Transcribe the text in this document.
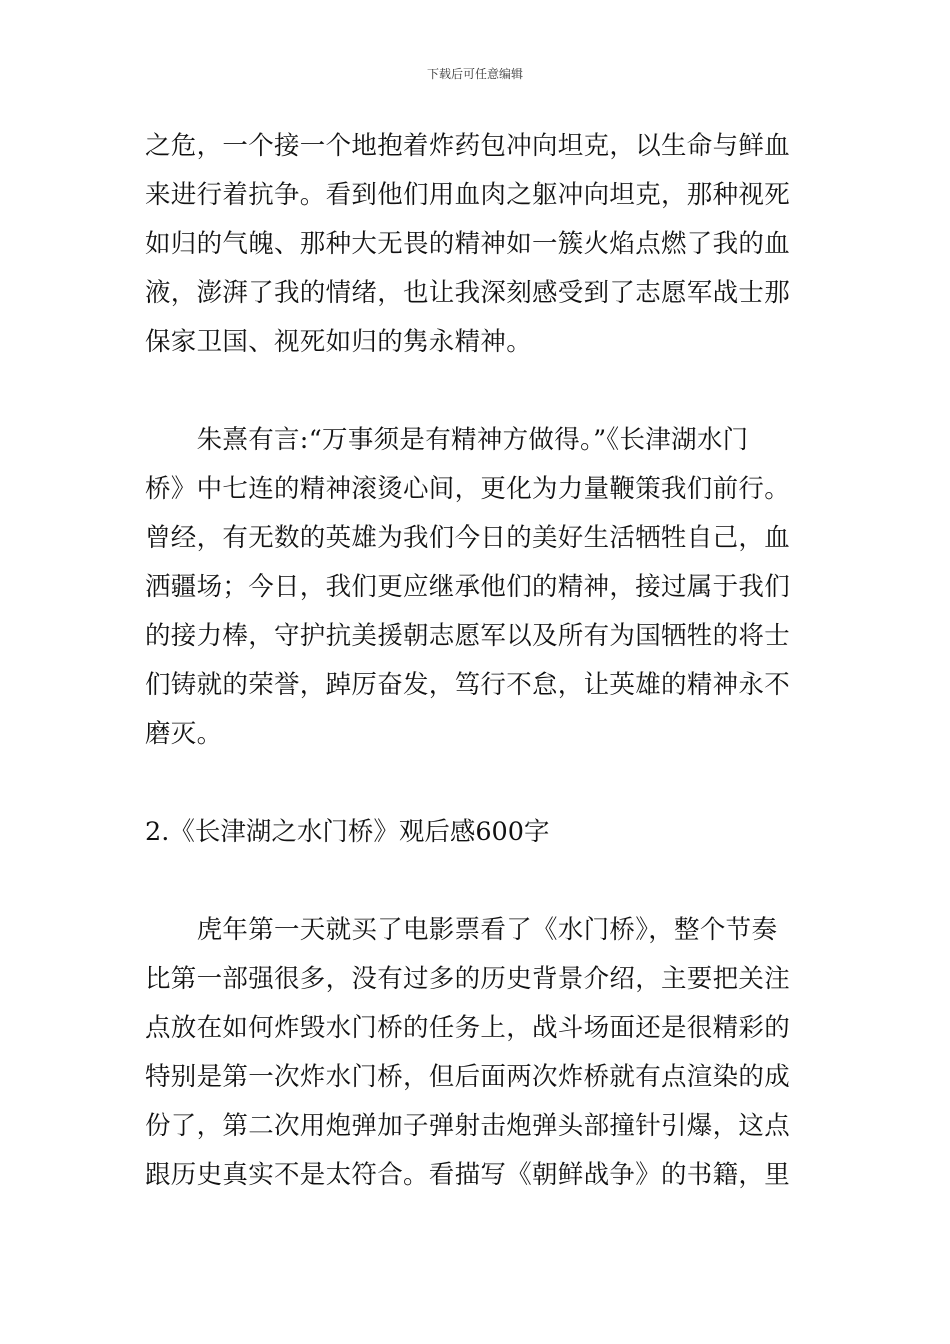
下载后可任意编辑
之危，一个接一个地抱着炸药包冲向坦克，以生命与鲜血
来进行着抗争。看到他们用血肉之躯冲向坦克，那种视死
如归的气魄、那种大无畏的精神如一簇火焰点燃了我的血
液，澎湃了我的情绪，也让我深刻感受到了志愿军战士那
保家卫国、视死如归的隽永精神。
　　朱熹有言:“万事须是有精神方做得。”《长津湖水门
桥》中七连的精神滚烫心间，更化为力量鞭策我们前行。
曾经，有无数的英雄为我们今日的美好生活牺牲自己，血
洒疆场；今日，我们更应继承他们的精神，接过属于我们
的接力棒，守护抗美援朝志愿军以及所有为国牺牲的将士
们铸就的荣誉，踔厉奋发，笃行不怠，让英雄的精神永不
磨灭。
2.《长津湖之水门桥》观后感600字
　　虎年第一天就买了电影票看了《水门桥》，整个节奏
比第一部强很多，没有过多的历史背景介绍，主要把关注
点放在如何炸毁水门桥的任务上，战斗场面还是很精彩的
特别是第一次炸水门桥，但后面两次炸桥就有点渲染的成
份了，第二次用炮弹加子弹射击炮弹头部撞针引爆，这点
跟历史真实不是太符合。看描写《朝鲜战争》的书籍，里
